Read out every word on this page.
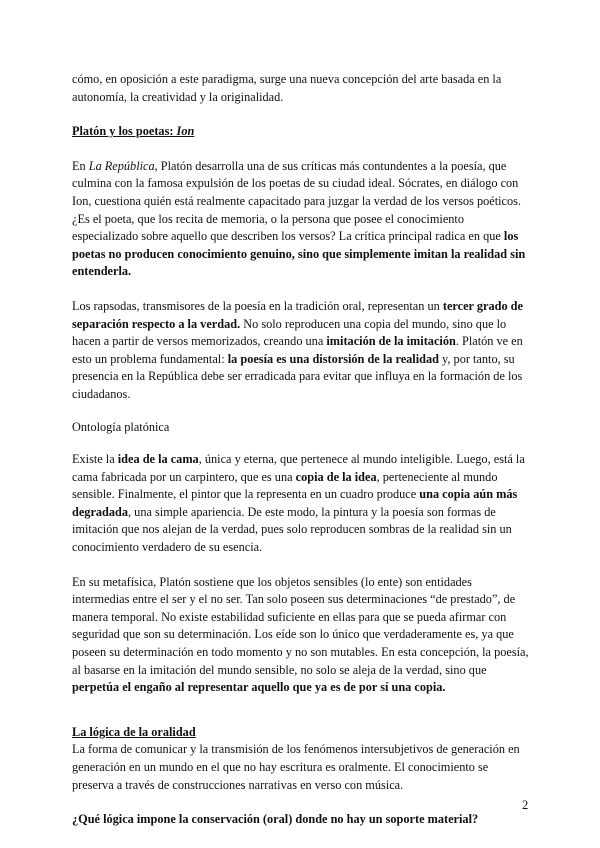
cómo, en oposición a este paradigma, surge una nueva concepción del arte basada en la autonomía, la creatividad y la originalidad.

Platón y los poetas: Ion

En La República, Platón desarrolla una de sus críticas más contundentes a la poesía, que culmina con la famosa expulsión de los poetas de su ciudad ideal. Sócrates, en diálogo con Ion, cuestiona quién está realmente capacitado para juzgar la verdad de los versos poéticos. ¿Es el poeta, que los recita de memoria, o la persona que posee el conocimiento especializado sobre aquello que describen los versos? La crítica principal radica en que los poetas no producen conocimiento genuino, sino que simplemente imitan la realidad sin entenderla.

Los rapsodas, transmisores de la poesía en la tradición oral, representan un tercer grado de separación respecto a la verdad. No solo reproducen una copia del mundo, sino que lo hacen a partir de versos memorizados, creando una imitación de la imitación. Platón ve en esto un problema fundamental: la poesía es una distorsión de la realidad y, por tanto, su presencia en la República debe ser erradicada para evitar que influya en la formación de los ciudadanos.

Ontología platónica

Existe la idea de la cama, única y eterna, que pertenece al mundo inteligible. Luego, está la cama fabricada por un carpintero, que es una copia de la idea, perteneciente al mundo sensible. Finalmente, el pintor que la representa en un cuadro produce una copia aún más degradada, una simple apariencia. De este modo, la pintura y la poesía son formas de imitación que nos alejan de la verdad, pues solo reproducen sombras de la realidad sin un conocimiento verdadero de su esencia.

En su metafísica, Platón sostiene que los objetos sensibles (lo ente) son entidades intermedias entre el ser y el no ser. Tan solo poseen sus determinaciones “de prestado”, de manera temporal. No existe estabilidad suficiente en ellas para que se pueda afirmar con seguridad que son su determinación. Los eíde son lo único que verdaderamente es, ya que poseen su determinación en todo momento y no son mutables. En esta concepción, la poesía, al basarse en la imitación del mundo sensible, no solo se aleja de la verdad, sino que perpetúa el engaño al representar aquello que ya es de por sí una copia.

La lógica de la oralidad

La forma de comunicar y la transmisión de los fenómenos intersubjetivos de generación en generación en un mundo en el que no hay escritura es oralmente. El conocimiento se preserva a través de construcciones narrativas en verso con música.

¿Qué lógica impone la conservación (oral) donde no hay un soporte material?

2
